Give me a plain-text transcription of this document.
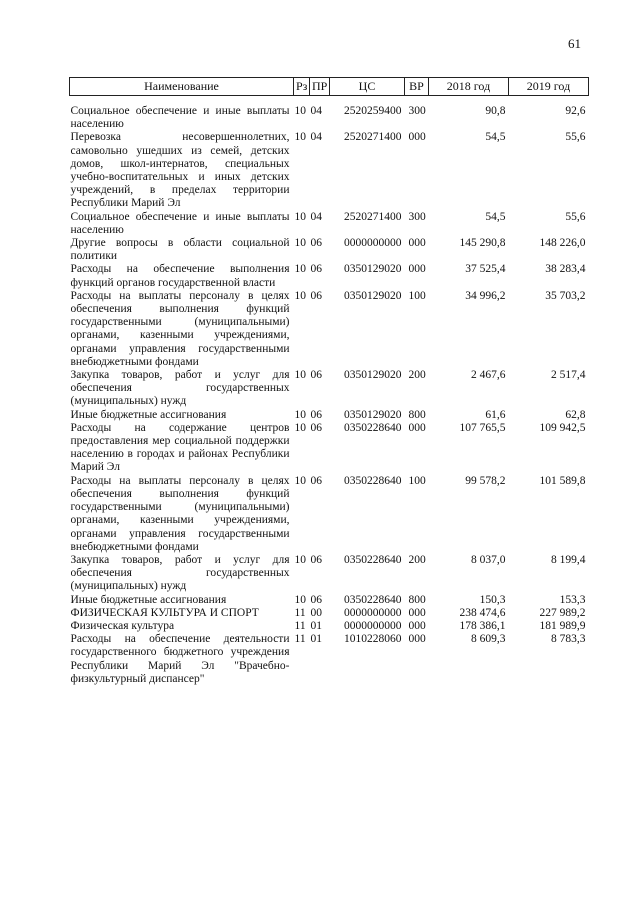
61
Наименование	Рз	ПР	ЦС	ВР	2018 год	2019 год

Социальное обеспечение и иные выплаты населению	10	04	2520259400	300	90,8	92,6
Перевозка несовершеннолетних, самовольно ушедших из семей, детских домов, школ-интернатов, специальных учебно-воспитательных и иных детских учреждений, в пределах территории Республики Марий Эл	10	04	2520271400	000	54,5	55,6
Социальное обеспечение и иные выплаты населению	10	04	2520271400	300	54,5	55,6
Другие вопросы в области социальной политики	10	06	0000000000	000	145 290,8	148 226,0
Расходы на обеспечение выполнения функций органов государственной власти	10	06	0350129020	000	37 525,4	38 283,4
Расходы на выплаты персоналу в целях обеспечения выполнения функций государственными (муниципальными) органами, казенными учреждениями, органами управления государственными внебюджетными фондами	10	06	0350129020	100	34 996,2	35 703,2
Закупка товаров, работ и услуг для обеспечения государственных (муниципальных) нужд	10	06	0350129020	200	2 467,6	2 517,4
Иные бюджетные ассигнования	10	06	0350129020	800	61,6	62,8
Расходы на содержание центров предоставления мер социальной поддержки населению в городах и районах Республики Марий Эл	10	06	0350228640	000	107 765,5	109 942,5
Расходы на выплаты персоналу в целях обеспечения выполнения функций государственными (муниципальными) органами, казенными учреждениями, органами управления государственными внебюджетными фондами	10	06	0350228640	100	99 578,2	101 589,8
Закупка товаров, работ и услуг для обеспечения государственных (муниципальных) нужд	10	06	0350228640	200	8 037,0	8 199,4
Иные бюджетные ассигнования	10	06	0350228640	800	150,3	153,3
ФИЗИЧЕСКАЯ КУЛЬТУРА И СПОРТ	11	00	0000000000	000	238 474,6	227 989,2
Физическая культура	11	01	0000000000	000	178 386,1	181 989,9
Расходы на обеспечение деятельности государственного бюджетного учреждения Республики Марий Эл "Врачебно-физкультурный диспансер"	11	01	1010228060	000	8 609,3	8 783,3
